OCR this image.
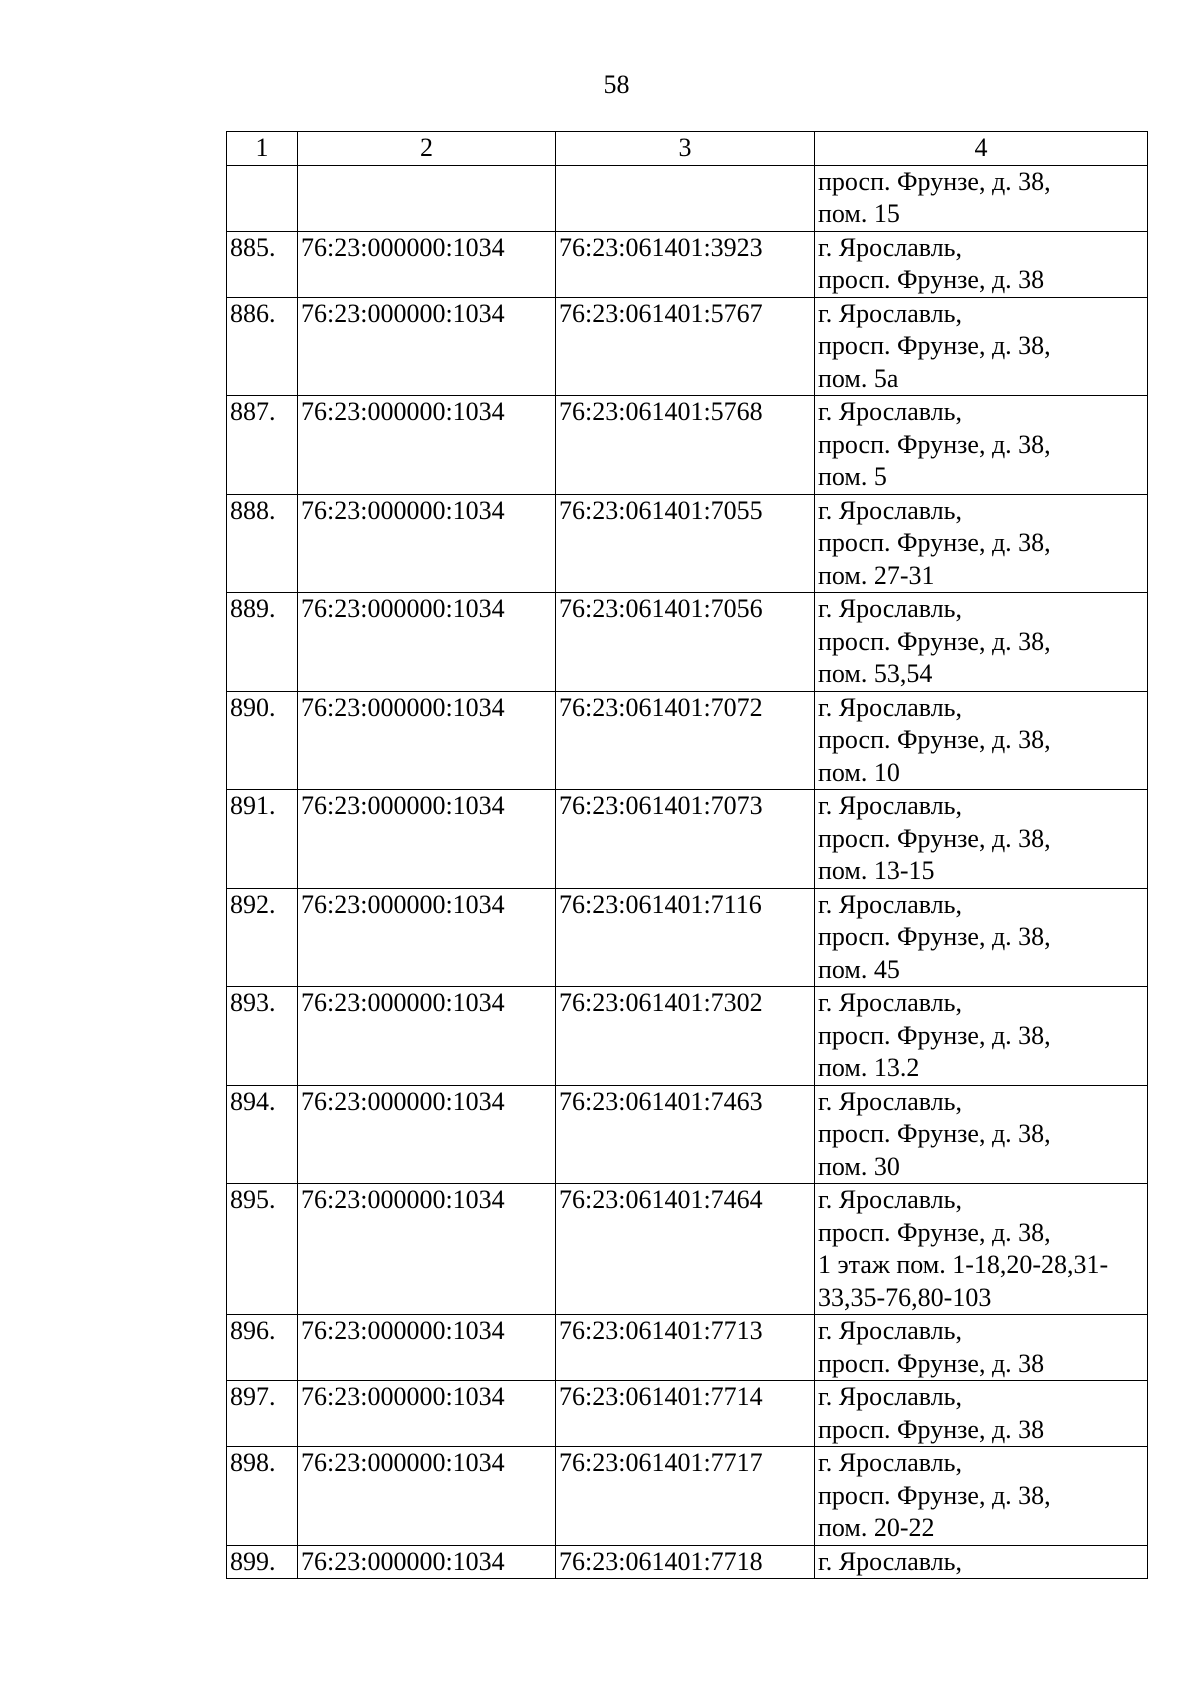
58
1	2	3	4

			просп. Фрунзе, д. 38,
пом. 15

885.	76:23:000000:1034	76:23:061401:3923	г. Ярославль,
просп. Фрунзе, д. 38

886.	76:23:000000:1034	76:23:061401:5767	г. Ярославль,
просп. Фрунзе, д. 38,
пом. 5а

887.	76:23:000000:1034	76:23:061401:5768	г. Ярославль,
просп. Фрунзе, д. 38,
пом. 5

888.	76:23:000000:1034	76:23:061401:7055	г. Ярославль,
просп. Фрунзе, д. 38,
пом. 27-31

889.	76:23:000000:1034	76:23:061401:7056	г. Ярославль,
просп. Фрунзе, д. 38,
пом. 53,54

890.	76:23:000000:1034	76:23:061401:7072	г. Ярославль,
просп. Фрунзе, д. 38,
пом. 10

891.	76:23:000000:1034	76:23:061401:7073	г. Ярославль,
просп. Фрунзе, д. 38,
пом. 13-15

892.	76:23:000000:1034	76:23:061401:7116	г. Ярославль,
просп. Фрунзе, д. 38,
пом. 45

893.	76:23:000000:1034	76:23:061401:7302	г. Ярославль,
просп. Фрунзе, д. 38,
пом. 13.2

894.	76:23:000000:1034	76:23:061401:7463	г. Ярославль,
просп. Фрунзе, д. 38,
пом. 30

895.	76:23:000000:1034	76:23:061401:7464	г. Ярославль,
просп. Фрунзе, д. 38,
1 этаж пом. 1-18,20-28,31-
33,35-76,80-103

896.	76:23:000000:1034	76:23:061401:7713	г. Ярославль,
просп. Фрунзе, д. 38

897.	76:23:000000:1034	76:23:061401:7714	г. Ярославль,
просп. Фрунзе, д. 38

898.	76:23:000000:1034	76:23:061401:7717	г. Ярославль,
просп. Фрунзе, д. 38,
пом. 20-22

899.	76:23:000000:1034	76:23:061401:7718	г. Ярославль,
